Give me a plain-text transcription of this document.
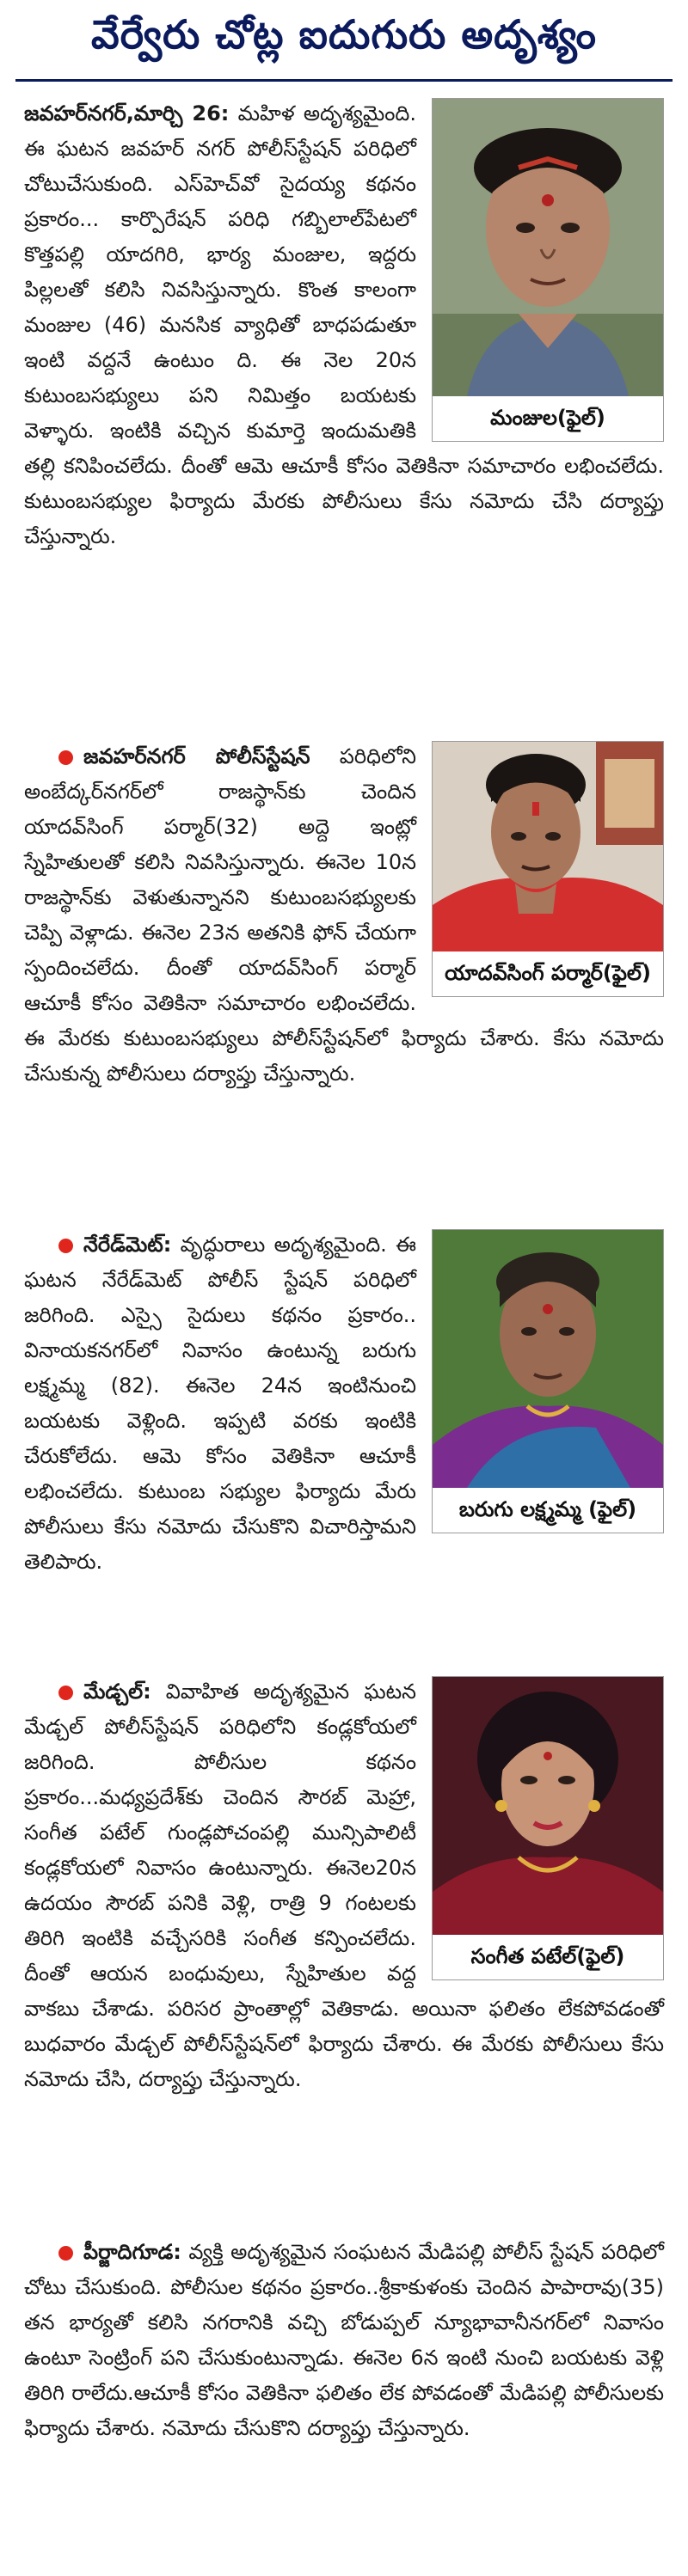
వేర్వేరు చోట్ల ఐదుగురు అదృశ్యం
మంజుల(ఫైల్)

జవహర్‌నగర్,మార్చి 26: మహిళ అదృశ్యమైంది. ఈ ఘటన జవహర్‌ నగర్ పోలీస్‌స్టేషన్ పరిధిలో చోటుచేసుకుంది. ఎస్‌హెచ్‌వో సైదయ్య కథనం ప్రకారం... కార్పొరేషన్ పరిధి గబ్బిలాల్‌పేటలో కొత్తపల్లి యాదగిరి, భార్య మంజుల, ఇద్దరు పిల్లలతో కలిసి నివసిస్తున్నారు. కొంత కాలంగా మంజుల (46) మనసిక వ్యాధితో బాధపడుతూ ఇంటి వద్దనే ఉంటుం ది. ఈ నెల 20న కుటుంబసభ్యులు పని నిమిత్తం బయటకు వెళ్ళారు. ఇంటికి వచ్చిన కుమార్తె ఇందుమతికి తల్లి కనిపించలేదు. దీంతో ఆమె ఆచూకీ కోసం వెతికినా సమాచారం లభించలేదు. కుటుంబసభ్యుల ఫిర్యాదు మేరకు పోలీసులు కేసు నమోదు చేసి దర్యాప్తు చేస్తున్నారు.

యాదవ్‌సింగ్ పర్మార్(ఫైల్)

జవహర్‌నగర్ పోలీస్‌స్టేషన్ పరిధిలోని అంబేద్కర్‌నగర్‌లో రాజస్థాన్‌కు చెందిన యాదవ్‌సింగ్ పర్మార్(32) అద్దె ఇంట్లో స్నేహితులతో కలిసి నివసిస్తున్నారు. ఈనెల 10న రాజస్థాన్‌కు వెళుతున్నానని కుటుంబసభ్యులకు చెప్పి వెళ్లాడు. ఈనెల 23న అతనికి ఫోన్ చేయగా స్పందించలేదు. దీంతో యాదవ్‌సింగ్ పర్మార్ ఆచూకీ కోసం వెతికినా సమాచారం లభించలేదు. ఈ మేరకు కుటుంబసభ్యులు పోలీస్‌స్టేషన్‌లో ఫిర్యాదు చేశారు. కేసు నమోదు చేసుకున్న పోలీసులు దర్యాప్తు చేస్తున్నారు.

బరుగు లక్ష్మమ్మ (ఫైల్)

నేరేడ్‌మెట్: వృద్ధురాలు అదృశ్యమైంది. ఈ ఘటన నేరేడ్‌మెట్ పోలీస్ స్టేషన్ పరిధిలో జరిగింది. ఎస్సై సైదులు కథనం ప్రకారం.. వినాయకనగర్‌లో నివాసం ఉంటున్న బరుగు లక్ష్మమ్మ (82). ఈనెల 24న ఇంటినుంచి బయటకు వెళ్లింది. ఇప్పటి వరకు ఇంటికి చేరుకోలేదు. ఆమె కోసం వెతికినా ఆచూకీ లభించలేదు. కుటుంబ సభ్యుల ఫిర్యాదు మేరు పోలీసులు కేసు నమోదు చేసుకొని విచారిస్తామని తెలిపారు.

సంగీత పటేల్(ఫైల్)

మేడ్చల్: వివాహిత అదృశ్యమైన ఘటన మేడ్చల్ పోలీస్‌స్టేషన్ పరిధిలోని కండ్లకోయలో జరిగింది. పోలీసుల కథనం ప్రకారం...మధ్యప్రదేశ్‌కు చెందిన సౌరబ్ మెహ్రా, సంగీత పటేల్ గుండ్లపోచంపల్లి మున్సిపాలిటీ కండ్లకోయలో నివాసం ఉంటున్నారు. ఈనెల20న ఉదయం సౌరబ్ పనికి వెళ్లి, రాత్రి 9 గంటలకు తిరిగి ఇంటికి వచ్చేసరికి సంగీత కన్పించలేదు. దీంతో ఆయన బంధువులు, స్నేహితుల వద్ద వాకబు చేశాడు. పరిసర ప్రాంతాల్లో వెతికాడు. అయినా ఫలితం లేకపోవడంతో బుధవారం మేడ్చల్ పోలీస్‌స్టేషన్‌లో ఫిర్యాదు చేశారు. ఈ మేరకు పోలీసులు కేసు నమోదు చేసి, దర్యాప్తు చేస్తున్నారు.

పీర్జాదిగూడ: వ్యక్తి అదృశ్యమైన సంఘటన మేడిపల్లి పోలీస్ స్టేషన్ పరిధిలో చోటు చేసుకుంది. పోలీసుల కథనం ప్రకారం..శ్రీకాకుళంకు చెందిన పాపారావు(35) తన భార్యతో కలిసి నగరానికి వచ్చి బోడుప్పల్ న్యూభావానీనగర్‌లో నివాసం ఉంటూ సెంట్రింగ్ పని చేసుకుంటున్నాడు. ఈనెల 6న ఇంటి నుంచి బయటకు వెళ్లి తిరిగి రాలేదు.ఆచూకీ కోసం వెతికినా ఫలితం లేక పోవడంతో మేడిపల్లి పోలీసులకు ఫిర్యాదు చేశారు. నమోదు చేసుకొని దర్యాప్తు చేస్తున్నారు.
